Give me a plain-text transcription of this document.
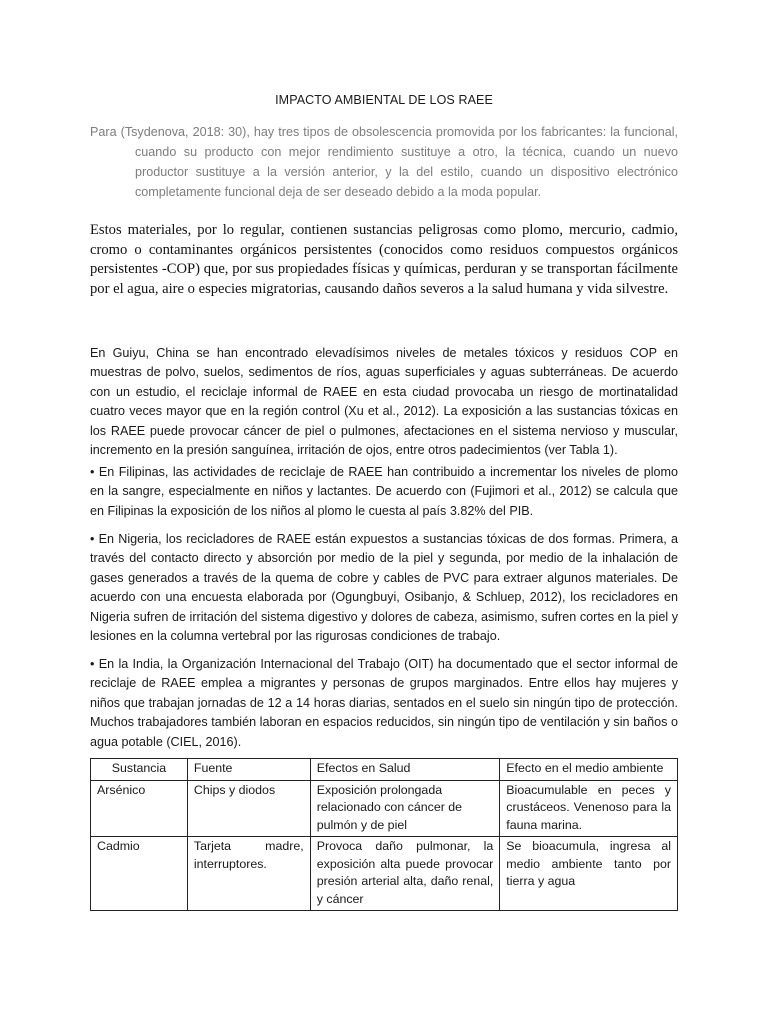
IMPACTO AMBIENTAL DE LOS RAEE
Para (Tsydenova, 2018: 30), hay tres tipos de obsolescencia promovida por los fabricantes: la funcional, cuando su producto con mejor rendimiento sustituye a otro, la técnica, cuando un nuevo productor sustituye a la versión anterior, y la del estilo, cuando un dispositivo electrónico completamente funcional deja de ser deseado debido a la moda popular.
Estos materiales, por lo regular, contienen sustancias peligrosas como plomo, mercurio, cadmio, cromo o contaminantes orgánicos persistentes (conocidos como residuos compuestos orgánicos persistentes -COP) que, por sus propiedades físicas y químicas, perduran y se transportan fácilmente por el agua, aire o especies migratorias, causando daños severos a la salud humana y vida silvestre.

En Guiyu, China se han encontrado elevadísimos niveles de metales tóxicos y residuos COP en muestras de polvo, suelos, sedimentos de ríos, aguas superficiales y aguas subterráneas. De acuerdo con un estudio, el reciclaje informal de RAEE en esta ciudad provocaba un riesgo de mortinatalidad cuatro veces mayor que en la región control (Xu et al., 2012). La exposición a las sustancias tóxicas en los RAEE puede provocar cáncer de piel o pulmones, afectaciones en el sistema nervioso y muscular, incremento en la presión sanguínea, irritación de ojos, entre otros padecimientos (ver Tabla 1).

• En Filipinas, las actividades de reciclaje de RAEE han contribuido a incrementar los niveles de plomo en la sangre, especialmente en niños y lactantes. De acuerdo con (Fujimori et al., 2012) se calcula que en Filipinas la exposición de los niños al plomo le cuesta al país 3.82% del PIB.

• En Nigeria, los recicladores de RAEE están expuestos a sustancias tóxicas de dos formas. Primera, a través del contacto directo y absorción por medio de la piel y segunda, por medio de la inhalación de gases generados a través de la quema de cobre y cables de PVC para extraer algunos materiales. De acuerdo con una encuesta elaborada por (Ogungbuyi, Osibanjo, & Schluep, 2012), los recicladores en Nigeria sufren de irritación del sistema digestivo y dolores de cabeza, asimismo, sufren cortes en la piel y lesiones en la columna vertebral por las rigurosas condiciones de trabajo.

• En la India, la Organización Internacional del Trabajo (OIT) ha documentado que el sector informal de reciclaje de RAEE emplea a migrantes y personas de grupos marginados. Entre ellos hay mujeres y niños que trabajan jornadas de 12 a 14 horas diarias, sentados en el suelo sin ningún tipo de protección. Muchos trabajadores también laboran en espacios reducidos, sin ningún tipo de ventilación y sin baños o agua potable (CIEL, 2016).

Sustancia	Fuente	Efectos en Salud	Efecto en el medio ambiente
Arsénico	Chips y diodos	Exposición prolongada relacionado con cáncer de pulmón y de piel	Bioacumulable en peces y crustáceos. Venenoso para la fauna marina.
Cadmio	Tarjeta madre, interruptores.	Provoca daño pulmonar, la exposición alta puede provocar presión arterial alta, daño renal, y cáncer	Se bioacumula, ingresa al medio ambiente tanto por tierra y agua
